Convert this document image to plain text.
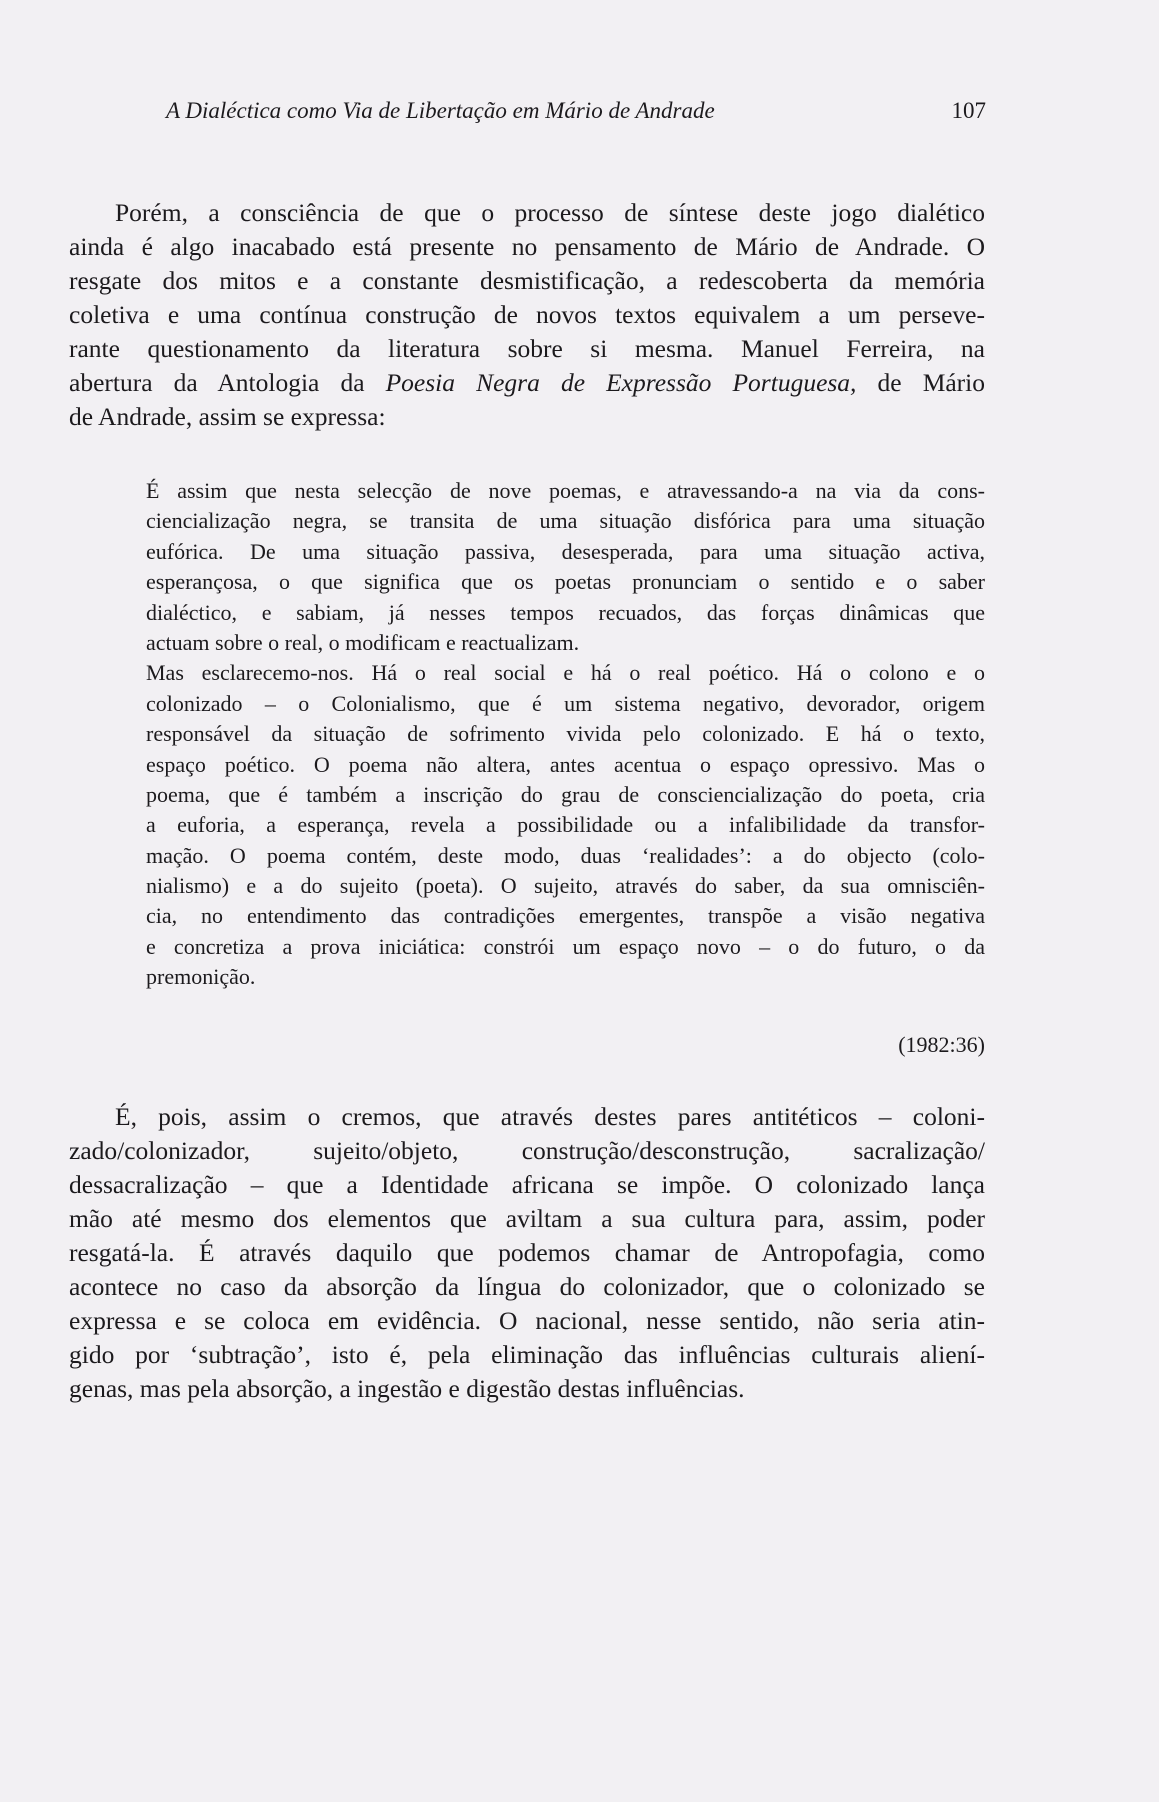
A Dialéctica como Via de Libertação em Mário de Andrade	107
Porém, a consciência de que o processo de síntese deste jogo dialético
ainda é algo inacabado está presente no pensamento de Mário de Andrade. O
resgate dos mitos e a constante desmistificação, a redescoberta da memória
coletiva e uma contínua construção de novos textos equivalem a um perseve-
rante questionamento da literatura sobre si mesma. Manuel Ferreira, na
abertura da Antologia da Poesia Negra de Expressão Portuguesa, de Mário
de Andrade, assim se expressa:
É assim que nesta selecção de nove poemas, e atravessando-a na via da cons-
ciencialização negra, se transita de uma situação disfórica para uma situação
eufórica. De uma situação passiva, desesperada, para uma situação activa,
esperançosa, o que significa que os poetas pronunciam o sentido e o saber
dialéctico, e sabiam, já nesses tempos recuados, das forças dinâmicas que
actuam sobre o real, o modificam e reactualizam.
Mas esclarecemo-nos. Há o real social e há o real poético. Há o colono e o
colonizado – o Colonialismo, que é um sistema negativo, devorador, origem
responsável da situação de sofrimento vivida pelo colonizado. E há o texto,
espaço poético. O poema não altera, antes acentua o espaço opressivo. Mas o
poema, que é também a inscrição do grau de consciencialização do poeta, cria
a euforia, a esperança, revela a possibilidade ou a infalibilidade da transfor-
mação. O poema contém, deste modo, duas ‘realidades’: a do objecto (colo-
nialismo) e a do sujeito (poeta). O sujeito, através do saber, da sua omnisciên-
cia, no entendimento das contradições emergentes, transpõe a visão negativa
e concretiza a prova iniciática: constrói um espaço novo – o do futuro, o da
premonição.
(1982:36)
É, pois, assim o cremos, que através destes pares antitéticos – coloni-
zado/colonizador, sujeito/objeto, construção/desconstrução, sacralização/
dessacralização – que a Identidade africana se impõe. O colonizado lança
mão até mesmo dos elementos que aviltam a sua cultura para, assim, poder
resgatá-la. É através daquilo que podemos chamar de Antropofagia, como
acontece no caso da absorção da língua do colonizador, que o colonizado se
expressa e se coloca em evidência. O nacional, nesse sentido, não seria atin-
gido por ‘subtração’, isto é, pela eliminação das influências culturais aliení-
genas, mas pela absorção, a ingestão e digestão destas influências.
